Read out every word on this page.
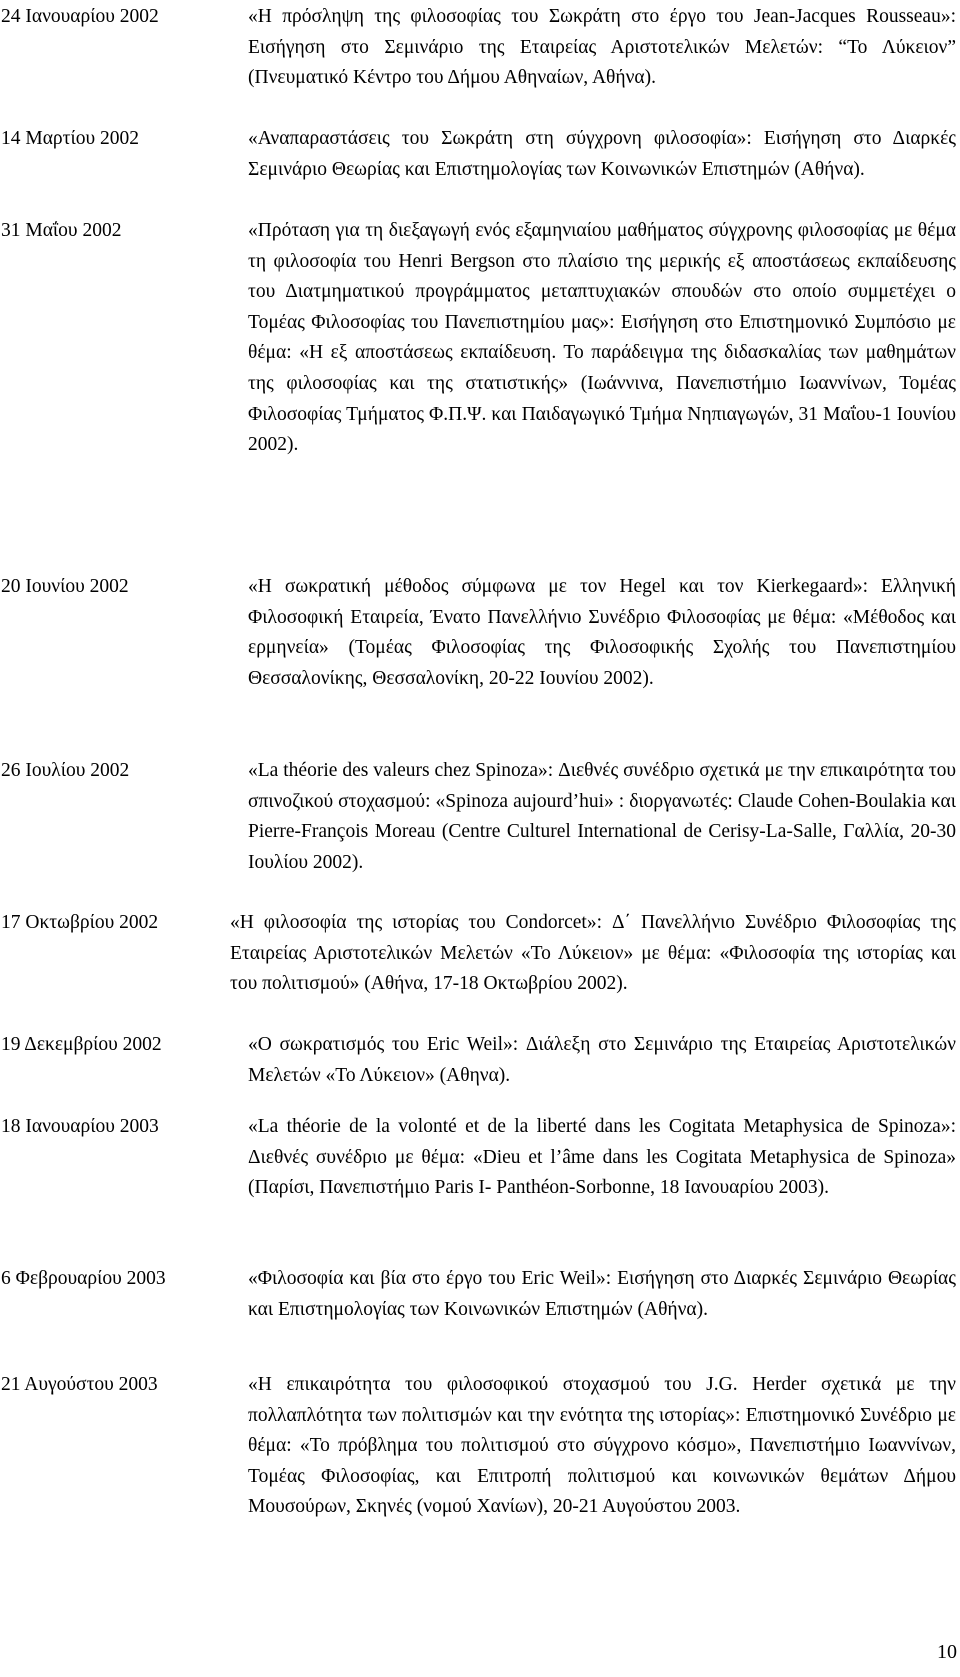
24 Ιανουαρίου 2002	«Η πρόσληψη της φιλοσοφίας του Σωκράτη στο έργο του Jean-Jacques Rousseau»: Εισήγηση στο Σεμινάριο της Εταιρείας Αριστοτελικών Μελετών: “Το Λύκειον” (Πνευματικό Κέντρο του Δήμου Αθηναίων, Αθήνα).
14 Μαρτίου 2002	«Αναπαραστάσεις του Σωκράτη στη σύγχρονη φιλοσοφία»: Εισήγηση στο Διαρκές Σεμινάριο Θεωρίας και Επιστημολογίας των Κοινωνικών Επιστημών (Αθήνα).
31 Μαΐου 2002	«Πρόταση για τη διεξαγωγή ενός εξαμηνιαίου μαθήματος σύγχρονης φιλοσοφίας με θέμα τη φιλοσοφία του Henri Bergson στο πλαίσιο της μερικής εξ αποστάσεως εκπαίδευσης του Διατμηματικού προγράμματος μεταπτυχιακών σπουδών στο οποίο συμμετέχει ο Τομέας Φιλοσοφίας του Πανεπιστημίου μας»: Εισήγηση στο Επιστημονικό Συμπόσιο με θέμα: «Η εξ αποστάσεως εκπαίδευση. Το παράδειγμα της διδασκαλίας των μαθημάτων της φιλοσοφίας και της στατιστικής» (Ιωάννινα, Πανεπιστήμιο Ιωαννίνων, Τομέας Φιλοσοφίας Τμήματος Φ.Π.Ψ. και Παιδαγωγικό Τμήμα Νηπιαγωγών, 31 Μαΐου-1 Ιουνίου 2002).
20 Ιουνίου 2002	«Η σωκρατική μέθοδος σύμφωνα με τον Hegel και τον Kierkegaard»: Ελληνική Φιλοσοφική Εταιρεία, Ένατο Πανελλήνιο Συνέδριο Φιλοσοφίας με θέμα: «Μέθοδος και ερμηνεία» (Τομέας Φιλοσοφίας της Φιλοσοφικής Σχολής του Πανεπιστημίου Θεσσαλονίκης, Θεσσαλονίκη, 20-22 Ιουνίου 2002).
26 Ιουλίου 2002	«La théorie des valeurs chez Spinoza»: Διεθνές συνέδριο σχετικά με την επικαιρότητα του σπινοζικού στοχασμού: «Spinoza aujourd’hui» : διοργανωτές: Claude Cohen-Boulakia και Pierre-François Moreau (Centre Culturel International de Cerisy-La-Salle, Γαλλία, 20-30 Ιουλίου 2002).
17 Οκτωβρίου 2002	«Η φιλοσοφία της ιστορίας του Condorcet»: Δ΄ Πανελλήνιο Συνέδριο Φιλοσοφίας της Εταιρείας Αριστοτελικών Μελετών «Το Λύκειον» με θέμα: «Φιλοσοφία της ιστορίας και του πολιτισμού» (Αθήνα, 17-18 Οκτωβρίου 2002).
19 Δεκεμβρίου 2002	«Ο σωκρατισμός του Eric Weil»: Διάλεξη στο Σεμινάριο της Εταιρείας Αριστοτελικών Μελετών «Το Λύκειον» (Αθηνα).
18 Ιανουαρίου 2003	«La théorie de la volonté et de la liberté dans les Cogitata Metaphysica de Spinoza»: Διεθνές συνέδριο με θέμα: «Dieu et l’âme dans les Cogitata Metaphysica de Spinoza» (Παρίσι, Πανεπιστήμιο Paris I- Panthéon-Sorbonne, 18 Ιανουαρίου 2003).
6 Φεβρουαρίου 2003	«Φιλοσοφία και βία στο έργο του Eric Weil»: Εισήγηση στο Διαρκές Σεμινάριο Θεωρίας και Επιστημολογίας των Κοινωνικών Επιστημών (Αθήνα).
21 Αυγούστου 2003	«Η επικαιρότητα του φιλοσοφικού στοχασμού του J.G. Herder σχετικά με την πολλαπλότητα των πολιτισμών και την ενότητα της ιστορίας»: Επιστημονικό Συνέδριο με θέμα: «Το πρόβλημα του πολιτισμού στο σύγχρονο κόσμο», Πανεπιστήμιο Ιωαννίνων, Τομέας Φιλοσοφίας, και Επιτροπή πολιτισμού και κοινωνικών θεμάτων Δήμου Μουσούρων, Σκηνές (νομού Χανίων), 20-21 Αυγούστου 2003.
10
